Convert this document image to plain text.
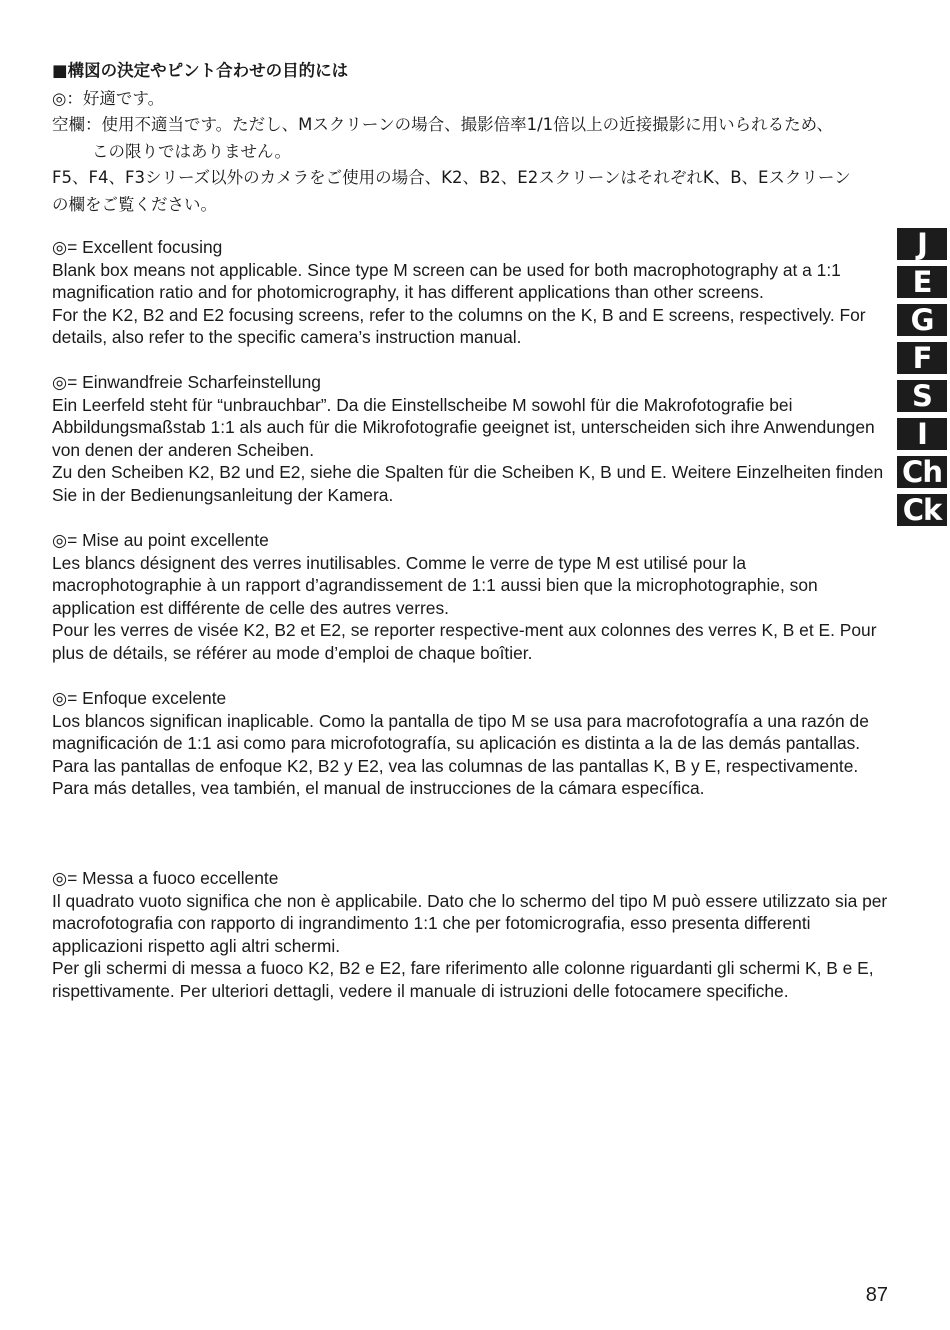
■構図の決定やピント合わせの目的には
◎：好適です。
空欄：使用不適当です。ただし、Mスクリーンの場合、撮影倍率1/1倍以上の近接撮影に用いられるため、
この限りではありません。
F5、F4、F3シリーズ以外のカメラをご使用の場合、K2、B2、E2スクリーンはそれぞれK、B、Eスクリーン
の欄をご覧ください。
◎= Excellent focusing

Blank box means not applicable. Since type M screen can be used for both macrophotography at a 1:1 magnification ratio and for photomicrography, it has different applications than other screens.

For the K2, B2 and E2 focusing screens, refer to the columns on the K, B and E screens, respectively. For details, also refer to the specific camera’s instruction manual.

◎= Einwandfreie Scharfeinstellung

Ein Leerfeld steht für “unbrauchbar”. Da die Einstellscheibe M sowohl für die Makrofotografie bei Abbildungsmaßstab 1:1 als auch für die Mikrofotografie geeignet ist, unterscheiden sich ihre Anwendungen von denen der anderen Scheiben.

Zu den Scheiben K2, B2 und E2, siehe die Spalten für die Scheiben K, B und E. Weitere Einzelheiten finden Sie in der Bedienungsanleitung der Kamera.

◎= Mise au point excellente

Les blancs désignent des verres inutilisables. Comme le verre de type M est utilisé pour la macrophotographie à un rapport d’agrandissement de 1:1 aussi bien que la microphotographie, son application est différente de celle des autres verres.

Pour les verres de visée K2, B2 et E2, se reporter respective-ment aux colonnes des verres K, B et E. Pour plus de détails, se référer au mode d’emploi de chaque boîtier.

◎= Enfoque excelente

Los blancos significan inaplicable. Como la pantalla de tipo M se usa para macrofotografía a una razón de magnificación de 1:1 asi como para microfotografía, su aplicación es distinta a la de las demás pantallas.

Para las pantallas de enfoque K2, B2 y E2, vea las columnas de las pantallas K, B y E, respectivamente. Para más detalles, vea también, el manual de instrucciones de la cámara específica.

◎= Messa a fuoco eccellente

Il quadrato vuoto significa che non è applicabile. Dato che lo schermo del tipo M può essere utilizzato sia per macrofotografia con rapporto di ingrandimento 1:1 che per fotomicrografia, esso presenta differenti applicazioni rispetto agli altri schermi.

Per gli schermi di messa a fuoco K2, B2 e E2, fare riferimento alle colonne riguardanti gli schermi K, B e E, rispettivamente. Per ulteriori dettagli, vedere il manuale di istruzioni delle fotocamere specifiche.

J
E
G
F
S
I
Ch
Ck
87
